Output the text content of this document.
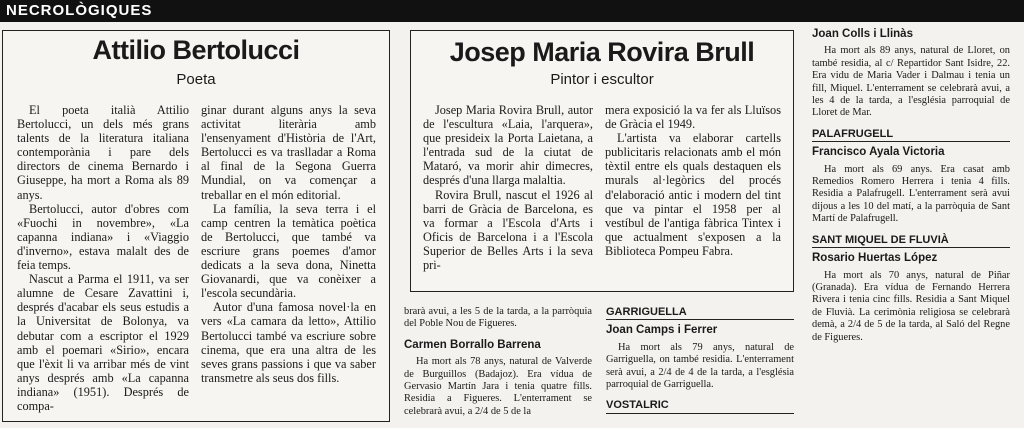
NECROLÒGIQUES
Attilio Bertolucci
Poeta

El poeta italià Attilio Bertolucci, un dels més grans talents de la literatura italiana contemporània i pare dels directors de cinema Bernardo i Giuseppe, ha mort a Roma als 89 anys.

Bertolucci, autor d'obres com «Fuochi in novembre», «La capanna indiana» i «Viaggio d'inverno», estava malalt des de feia temps.

Nascut a Parma el 1911, va ser alumne de Cesare Zavattini i, després d'acabar els seus estudis a la Universitat de Bolonya, va debutar com a escriptor el 1929 amb el poemari «Sirio», encara que l'èxit li va arribar més de vint anys després amb «La capanna indiana» (1951). Després de compa-

ginar durant alguns anys la seva activitat literària amb l'ensenyament d'Història de l'Art, Bertolucci es va traslladar a Roma al final de la Segona Guerra Mundial, on va començar a treballar en el món editorial.

La família, la seva terra i el camp centren la temàtica poètica de Bertolucci, que també va escriure grans poemes d'amor dedicats a la seva dona, Ninetta Giovanardi, que va conèixer a l'escola secundària.

Autor d'una famosa novel·la en vers «La camara da letto», Attilio Bertolucci també va escriure sobre cinema, que era una altra de les seves grans passions i que va saber transmetre als seus dos fills.

Josep Maria Rovira Brull
Pintor i escultor

Josep Maria Rovira Brull, autor de l'escultura «Laia, l'arquera», que presideix la Porta Laietana, a l'entrada sud de la ciutat de Mataró, va morir ahir dimecres, després d'una llarga malaltia.

Rovira Brull, nascut el 1926 al barri de Gràcia de Barcelona, es va formar a l'Escola d'Arts i Oficis de Barcelona i a l'Escola Superior de Belles Arts i la seva pri-

mera exposició la va fer als Lluïsos de Gràcia el 1949.

L'artista va elaborar cartells publicitaris relacionats amb el món tèxtil entre els quals destaquen els murals al·legòrics del procés d'elaboració antic i modern del tint que va pintar el 1958 per al vestíbul de l'antiga fàbrica Tintex i que actualment s'exposen a la Biblioteca Pompeu Fabra.

brarà avui, a les 5 de la tarda, a la parròquia del Poble Nou de Figueres.

Carmen Borrallo Barrena

Ha mort als 78 anys, natural de Valverde de Burguillos (Badajoz). Era vídua de Gervasio Martín Jara i tenia quatre fills. Residia a Figueres. L'enterrament se celebrarà avui, a 2/4 de 5 de la

GARRIGUELLA
Joan Camps i Ferrer

Ha mort als 79 anys, natural de Garriguella, on també residia. L'enterrament serà avui, a 2/4 de 4 de la tarda, a l'església parroquial de Garriguella.

VOSTALRIC
Joan Colls i Llinàs

Ha mort als 89 anys, natural de Lloret, on també residia, al c/ Repartidor Sant Isidre, 22. Era vidu de Maria Vader i Dalmau i tenia un fill, Miquel. L'enterrament se celebrarà avui, a les 4 de la tarda, a l'església parroquial de Lloret de Mar.

PALAFRUGELL
Francisco Ayala Victoria

Ha mort als 69 anys. Era casat amb Remedios Romero Herrera i tenia 4 fills. Residia a Palafrugell. L'enterrament serà avui dijous a les 10 del matí, a la parròquia de Sant Martí de Palafrugell.

SANT MIQUEL DE FLUVIÀ
Rosario Huertas López

Ha mort als 70 anys, natural de Piñar (Granada). Era vídua de Fernando Herrera Rivera i tenia cinc fills. Residia a Sant Miquel de Fluvià. La cerimònia religiosa se celebrarà demà, a 2/4 de 5 de la tarda, al Saló del Regne de Figueres.
